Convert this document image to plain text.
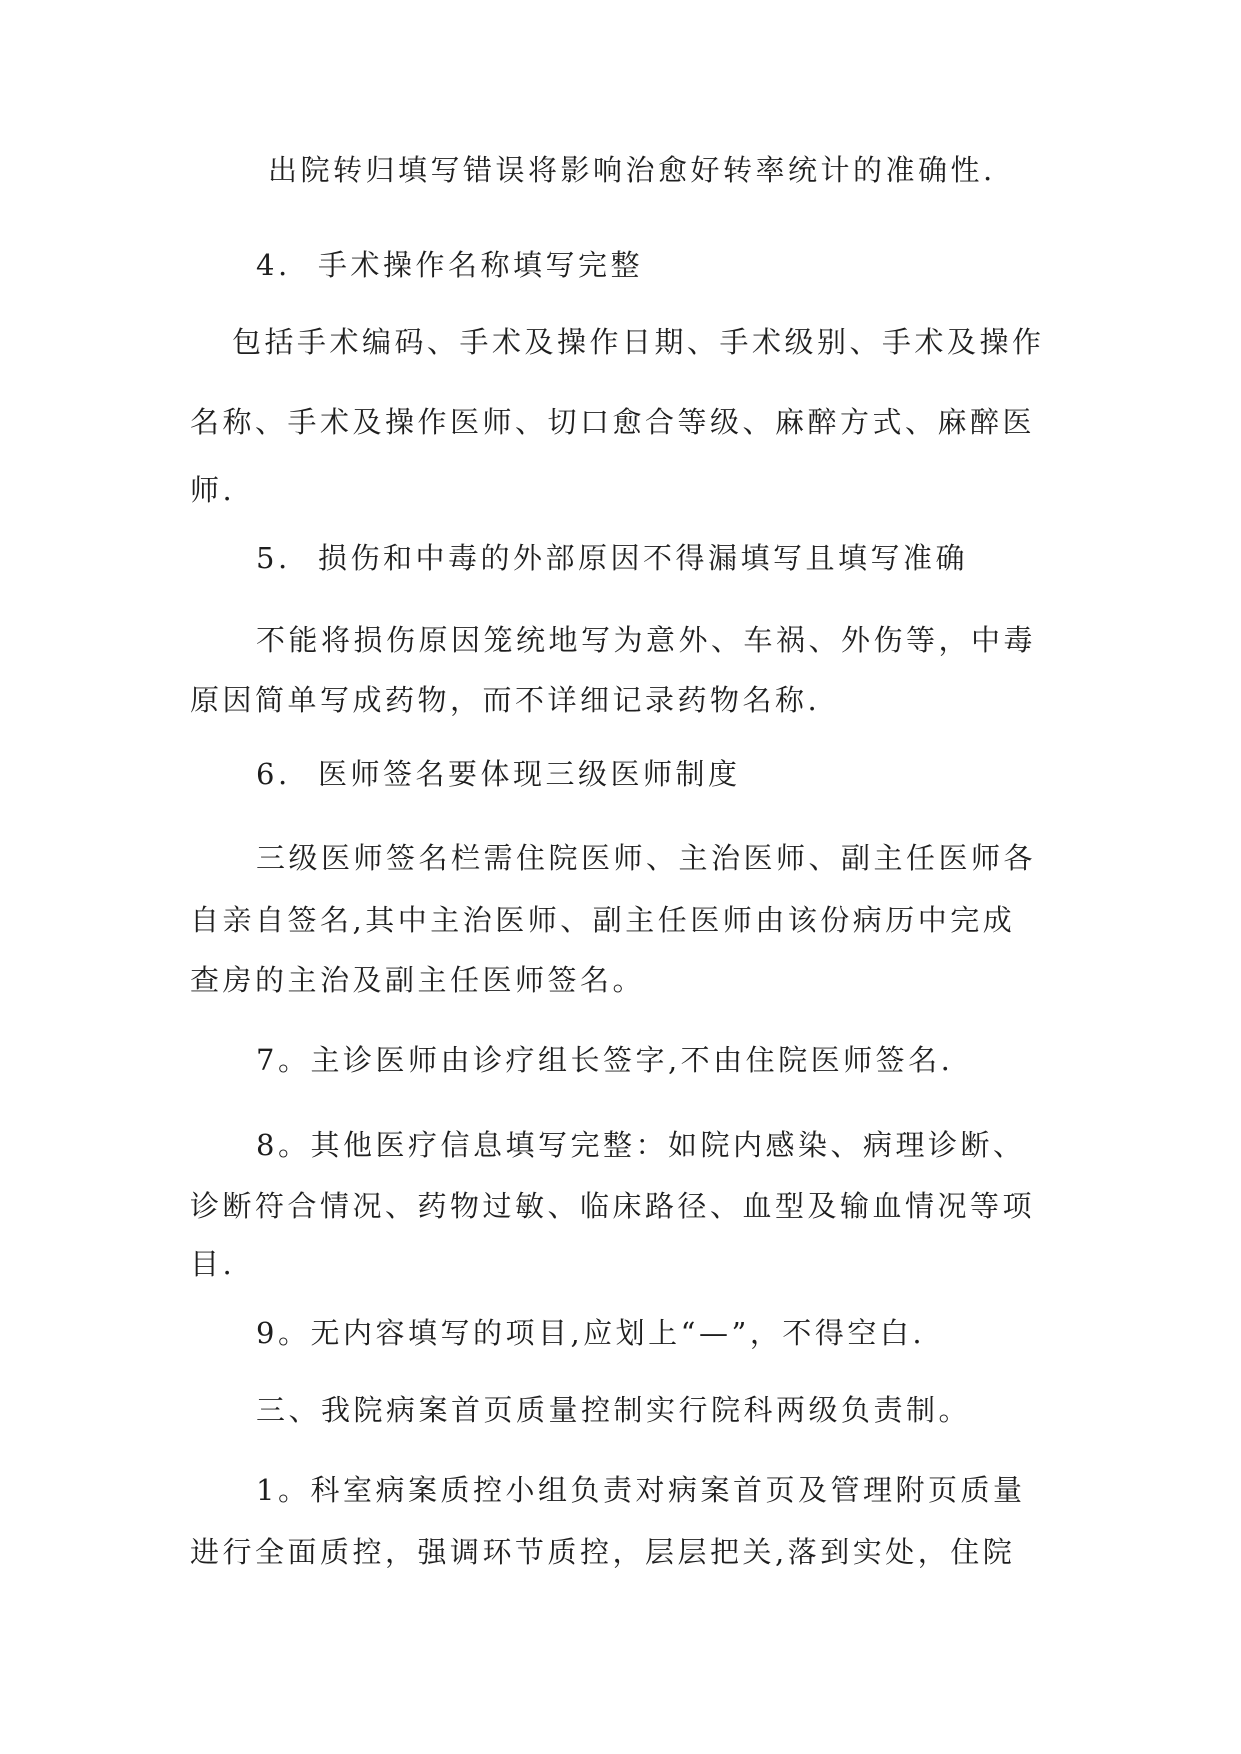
出院转归填写错误将影响治愈好转率统计的准确性.
4. 手术操作名称填写完整
包括手术编码、手术及操作日期、手术级别、手术及操作
名称、手术及操作医师、切口愈合等级、麻醉方式、麻醉医
师.
5. 损伤和中毒的外部原因不得漏填写且填写准确
不能将损伤原因笼统地写为意外、车祸、外伤等，中毒
原因简单写成药物，而不详细记录药物名称.
6. 医师签名要体现三级医师制度
三级医师签名栏需住院医师、主治医师、副主任医师各
自亲自签名,其中主治医师、副主任医师由该份病历中完成
查房的主治及副主任医师签名。
7。主诊医师由诊疗组长签字,不由住院医师签名.
8。其他医疗信息填写完整：如院内感染、病理诊断、
诊断符合情况、药物过敏、临床路径、血型及输血情况等项
目.
9。无内容填写的项目,应划上“—”，不得空白.
三、我院病案首页质量控制实行院科两级负责制。
1。科室病案质控小组负责对病案首页及管理附页质量
进行全面质控，强调环节质控，层层把关,落到实处，住院
